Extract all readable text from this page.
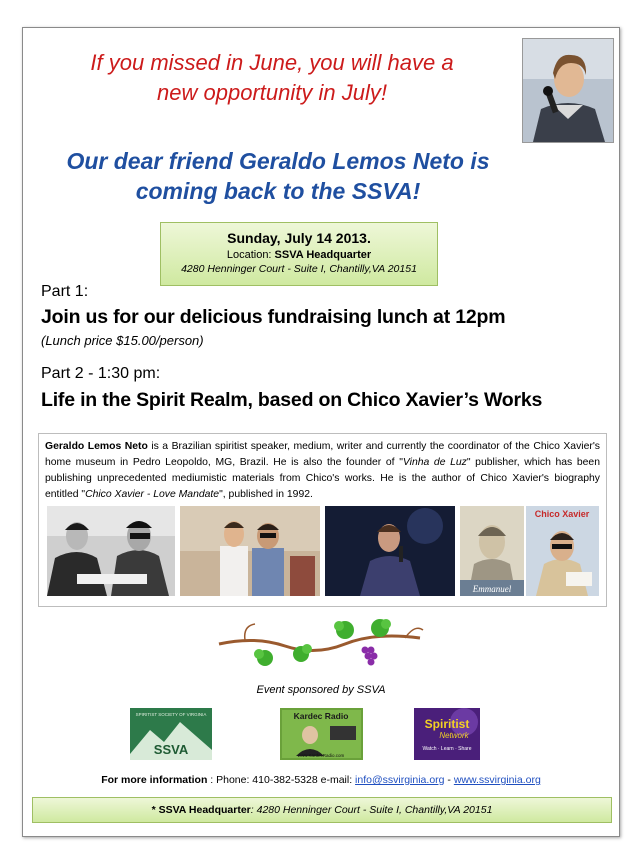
If you missed in June, you will have a
new opportunity in July!
Our dear friend Geraldo Lemos Neto is
coming back to the SSVA!
Sunday, July 14 2013.
Location: SSVA Headquarter
4280 Henninger Court - Suite I, Chantilly,VA 20151
Part 1:
Join us for our delicious fundraising lunch at 12pm
(Lunch price $15.00/person)
Part 2 - 1:30 pm:
Life in the Spirit Realm, based on Chico Xavier’s Works
Geraldo Lemos Neto is a Brazilian spiritist speaker, medium, writer and currently the coordinator of the Chico Xavier's home museum in Pedro Leopoldo, MG, Brazil. He is also the founder of "Vinha de Luz" publisher, which has been publishing unprecedented mediumistic materials from Chico's works. He is the author of Chico Xavier's biography entitled "Chico Xavier - Love Mandate", published in 1992.
Emmanuel
Chico Xavier
Event sponsored by SSVA
SPIRITIST SOCIETY OF VIRGINIA
SSVA
Kardec Radio
www.KardecRadio.com
Spiritist
Network
Watch · Learn · Share
For more information : Phone: 410-382-5328 e-mail: info@ssvirginia.org - www.ssvirginia.org
* SSVA Headquarter: 4280 Henninger Court - Suite I, Chantilly,VA 20151
